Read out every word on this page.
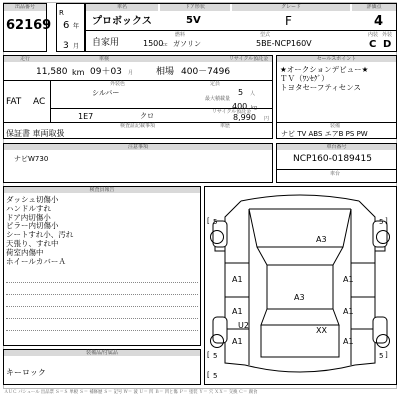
出品番号
62169
R
6 年
3 月
車名	ドア形状	グレード	評価点
プロボックス	5V	F	4
自家用	1500
cc
燃料
ガソリン
型式
5BE-NCP160V
内装 外装
C D
走行	車検	リサイクル預託金
11,580 km 09＋03 月	相場 400－7496
FAT AC
外装色
シルバー
定員
5 人
最大積載量
400 kg
1E7	クロ	リサイクル預託金
8,990 円
検査証記載事項
保証書 車両取扱
車歴
セールスポイント
★オークションデビュー★
ＴＶ（ﾜﾝｾｸﾞ）
トヨタセーフティセンス
装備
ナビ TV ABS エアB PS PW
注意事項
ナビW730
車台番号
NCP160-0189415
車台
検査員報告
ダッシュ切傷小
ハンドルすれ
ドア内切傷小
ピラー内切傷小
シートすれ小、汚れ
天張り、すれ中
荷室内傷中
ホイールカバーＡ
装備品/付属品
キーロック
A3
A1	A1
A3
A1	A1
U2
XX
A1	A1
[ 5	]
5
[ 5	]
5
[ 5
ＡＵＣ パシュール 出品票 Ｓ＝Ｓ 単板 Ｓ＝ 補修歴 Ｓ＝ 記号 Ｗ＝ 波 Ｕ＝ 凹 Ｂ＝ 凹と傷 Ｐ＝ 塗装 Ｙ＝ 穴 ＸＸ＝ 交換 Ｃ＝ 腐食
